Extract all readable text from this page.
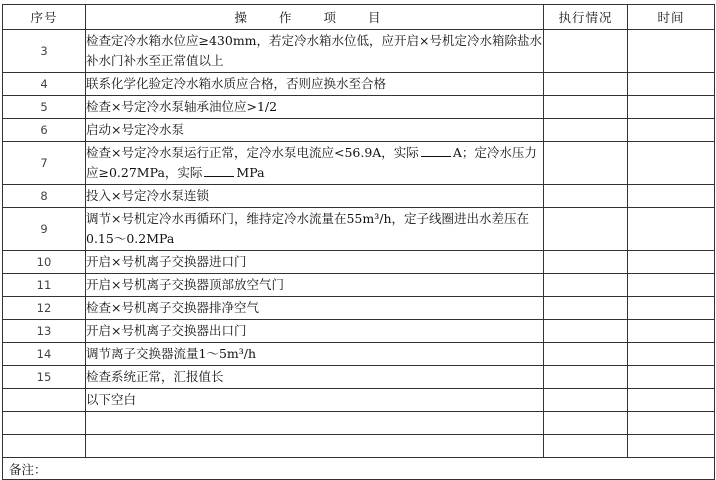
序号	操 作 项 目	执行情况	时间
3	检查定冷水箱水位应≥430mm，若定冷水箱水位低，应开启×号机定冷水箱除盐水补水门补水至正常值以上		
4	联系化学化验定冷水箱水质应合格，否则应换水至合格		
5	检查×号定冷水泵轴承油位应>1/2		
6	启动×号定冷水泵		
7	检查×号定冷水泵运行正常，定冷水泵电流应<56.9A，实际 A；定冷水压力应≥0.27MPa，实际 MPa		
8	投入×号定冷水泵连锁		
9	调节×号机定冷水再循环门，维持定冷水流量在55m³/h，定子线圈进出水差压在0.15～0.2MPa		
10	开启×号机离子交换器进口门		
11	开启×号机离子交换器顶部放空气门		
12	检查×号机离子交换器排净空气		
13	开启×号机离子交换器出口门		
14	调节离子交换器流量1～5m³/h		
15	检查系统正常，汇报值长		
	以下空白		

备注：			
